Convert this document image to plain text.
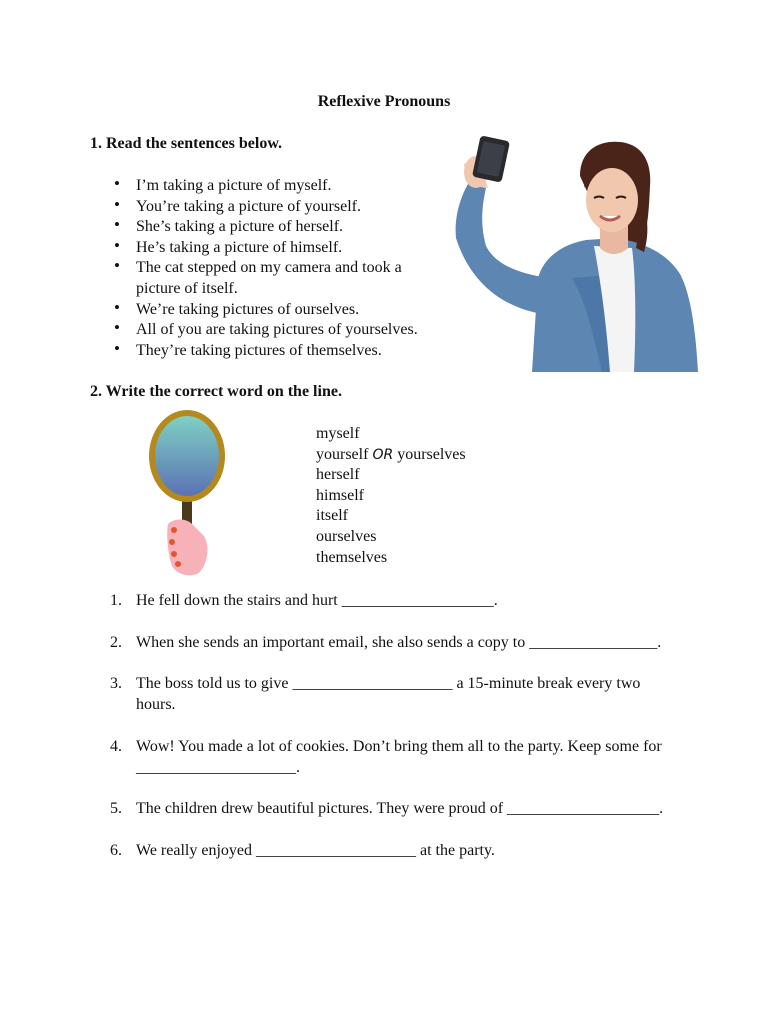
Reflexive Pronouns
1. Read the sentences below.
• I’m taking a picture of myself.
• You’re taking a picture of yourself.
• She’s taking a picture of herself.
• He’s taking a picture of himself.
• The cat stepped on my camera and took a picture of itself.
• We’re taking pictures of ourselves.
• All of you are taking pictures of yourselves.
• They’re taking pictures of themselves.
2. Write the correct word on the line.
myself
yourself OR yourselves
herself
himself
itself
ourselves
themselves
1. He fell down the stairs and hurt ___________________.
2. When she sends an important email, she also sends a copy to ________________.
3. The boss told us to give ____________________ a 15-minute break every two hours.
4. Wow! You made a lot of cookies. Don’t bring them all to the party. Keep some for ____________________.
5. The children drew beautiful pictures. They were proud of ___________________.
6. We really enjoyed ____________________ at the party.
